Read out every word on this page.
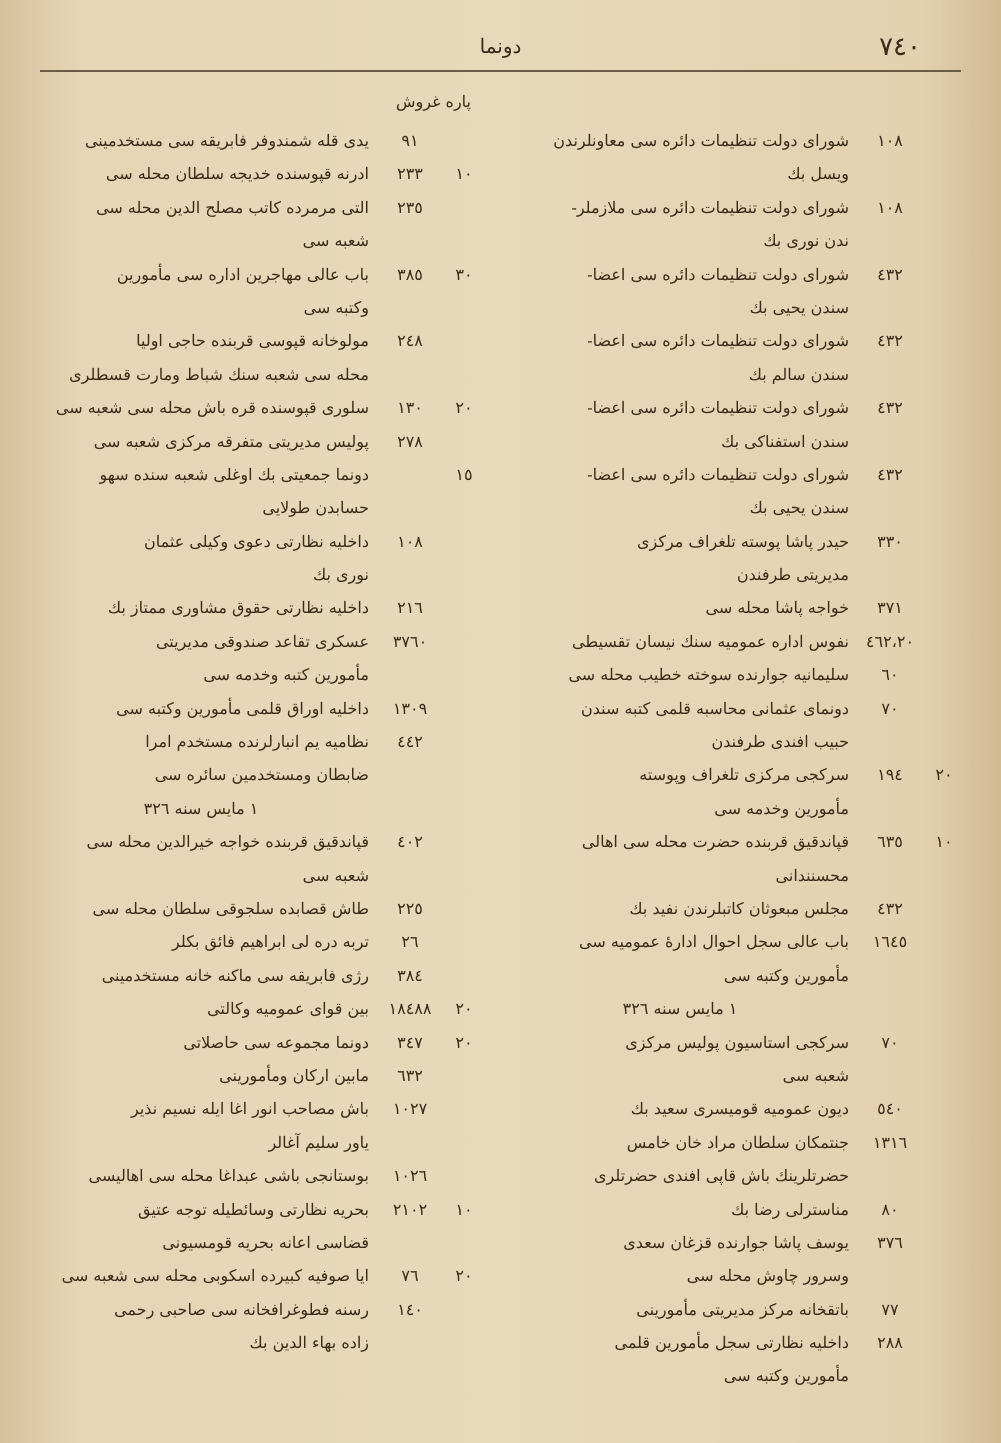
٧٤٠
دونما
١٠٨
شوراى دولت تنظيمات دائره سى معاونلرندن
ويسل بك
١٠٨
شوراى دولت تنظيمات دائره سى ملازملر-
ندن نورى بك
٤٣٢
شوراى دولت تنظيمات دائره سى اعضا-
سندن يحيى بك
٤٣٢
شوراى دولت تنظيمات دائره سى اعضا-
سندن سالم بك
٤٣٢
شوراى دولت تنظيمات دائره سى اعضا-
سندن استفناكى بك
٤٣٢
شوراى دولت تنظيمات دائره سى اعضا-
سندن يحيى بك
٣٣٠
حيدر پاشا پوسته تلغراف مركزى
مديريتى طرفندن
٣٧١
خواجه پاشا محله سى
٤٦٢،٢٠
نفوس اداره عموميه سنك نيسان تقسيطى
٦٠
سليمانيه جوارنده سوخته خطيب محله سى
٧٠
دونماى عثمانى محاسبه قلمى كتبه سندن
حبيب افندى طرفندن
٢٠
١٩٤
سركجى مركزى تلغراف وپوسته
مأمورين وخدمه سى
١٠
٦٣٥
قپاندقيق قربنده حضرت محله سى اهالى
محسنندانى
٤٣٢
مجلس مبعوثان كاتبلرندن نفيد بك
١٦٤٥
باب عالى سجل احوال ادارهٔ عموميه سى
مأمورين وكتبه سى
١ مايس سنه ٣٢٦
٧٠
سركجى استاسيون پوليس مركزى
شعبه سى
٥٤٠
ديون عموميه قوميسرى سعيد بك
١٣١٦
جنتمكان سلطان مراد خان خامس
حضرتلرينك باش قاپى افندى حضرتلرى
٨٠
مناسترلى رضا بك
٣٧٦
يوسف پاشا جوارنده قزغان سعدى
وسرور چاوش محله سى
٧٧
باتقخانه مركز مديريتى مأمورينى
٢٨٨
داخليه نظارتى سجل مأمورين قلمى
مأمورين وكتبه سى
پاره غروش
٩١
يدى قله شمندوفر فابريقه سى مستخدمينى
١٠
٢٣٣
ادرنه قپوسنده خديجه سلطان محله سى
٢٣٥
التى مرمرده كاتب مصلح الدين محله سى
شعبه سى
٣٠
٣٨٥
باب عالى مهاجرين اداره سى مأمورين
وكتبه سى
٢٤٨
مولوخانه قپوسى قربنده حاجى اوليا
محله سى شعبه سنك شباط ومارت قسطلرى
٢٠
١٣٠
سلورى قپوسنده قره باش محله سى شعبه سى
٢٧٨
پوليس مديريتى متفرقه مركزى شعبه سى
١٥
دونما جمعيتى بك اوغلى شعبه سنده سهو
حسابدن طولايى
١٠٨
داخليه نظارتى دعوى وكيلى عثمان
نورى بك
٢١٦
داخليه نظارتى حقوق مشاورى ممتاز بك
٣٧٦٠
عسكرى تقاعد صندوقى مديريتى
مأمورين كتبه وخدمه سى
١٣٠٩
داخليه اوراق قلمى مأمورين وكتبه سى
٤٤٢
نظاميه يم انبارلرنده مستخدم امرا
ضابطان ومستخدمين سائره سى
١ مايس سنه ٣٢٦
٤٠٢
قپاندقيق قربنده خواجه خيرالدين محله سى
شعبه سى
٢٢٥
طاش قصابده سلجوقى سلطان محله سى
٢٦
تربه دره لى ابراهيم فائق بكلر
٣٨٤
رژى فابريقه سى ماكنه خانه مستخدمينى
٢٠
١٨٤٨٨
بين قواى عموميه وكالتى
٢٠
٣٤٧
دونما مجموعه سى حاصلاتى
٦٣٢
مابين اركان ومأمورينى
١٠٢٧
باش مصاحب انور اغا ايله نسيم نذير
ياور سليم آغالر
١٠٢٦
بوستانجى باشى عبداغا محله سى اهاليسى
١٠
٢١٠٢
بحريه نظارتى وسائطيله توجه عتيق
قضاسى اعانه بحريه قومسيونى
٢٠
٧٦
ايا صوفيه كبيرده اسكوبى محله سى شعبه سى
١٤٠
رسنه فطوغرافخانه سى صاحبى رحمى
زاده بهاء الدين بك
